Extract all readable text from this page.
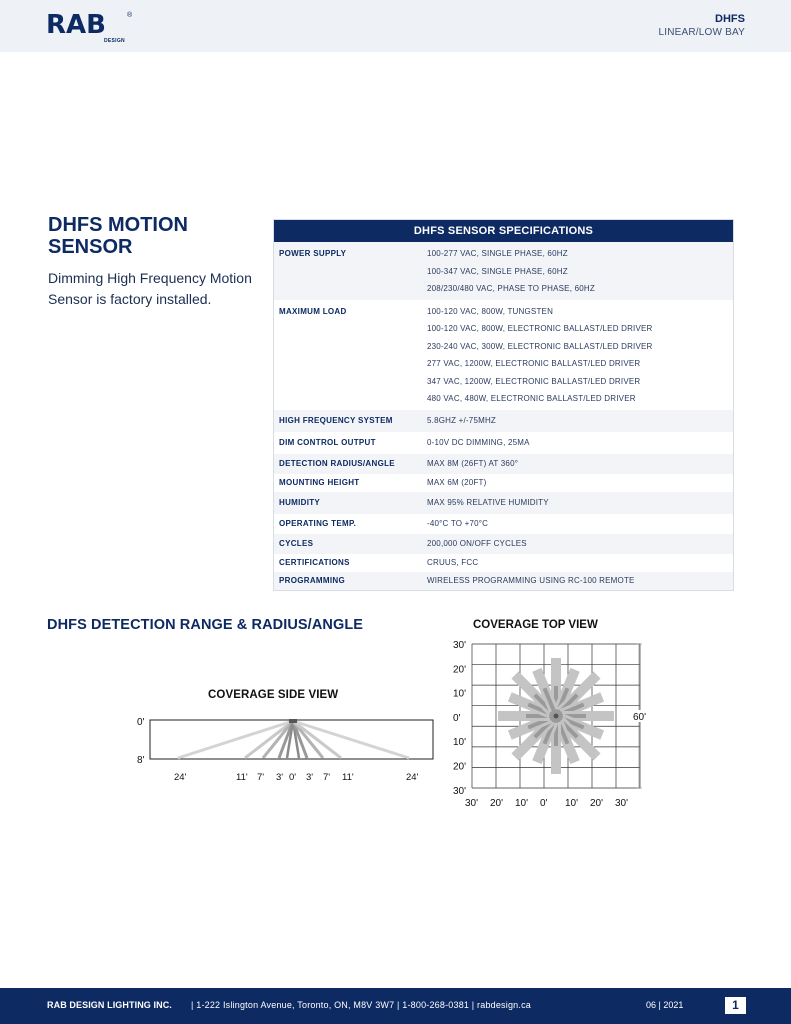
RAB	®
DESIGN
DHFS
LINEAR/LOW BAY
DHFS MOTION SENSOR
Dimming High Frequency Motion Sensor is factory installed.
DHFS SENSOR SPECIFICATIONS
POWER SUPPLY	100-277 VAC, SINGLE PHASE, 60HZ
100-347 VAC, SINGLE PHASE, 60HZ
208/230/480 VAC, PHASE TO PHASE, 60HZ
MAXIMUM LOAD	100-120 VAC, 800W, TUNGSTEN
100-120 VAC, 800W, ELECTRONIC BALLAST/LED DRIVER
230-240 VAC, 300W, ELECTRONIC BALLAST/LED DRIVER
277 VAC, 1200W, ELECTRONIC BALLAST/LED DRIVER
347 VAC, 1200W, ELECTRONIC BALLAST/LED DRIVER
480 VAC, 480W, ELECTRONIC BALLAST/LED DRIVER
HIGH FREQUENCY SYSTEM	5.8GHZ +/-75MHZ
DIM CONTROL OUTPUT	0-10V DC DIMMING, 25MA
DETECTION RADIUS/ANGLE	MAX 8M (26FT) AT 360°
MOUNTING HEIGHT	MAX 6M (20FT)
HUMIDITY	MAX 95% RELATIVE HUMIDITY
OPERATING TEMP.	-40°C TO +70°C
CYCLES	200,000 ON/OFF CYCLES
CERTIFICATIONS	CRUUS, FCC
PROGRAMMING	WIRELESS PROGRAMMING USING RC-100 REMOTE
DHFS DETECTION RANGE & RADIUS/ANGLE
COVERAGE SIDE VIEW
COVERAGE TOP VIEW
0'
8'
24'	11' 7' 3' 0' 3' 7' 11'	24'
30'
20'
10'
0'
10'
20'
30'
30' 20' 10' 0' 10' 20' 30'
60'
RAB DESIGN LIGHTING INC. | 1-222 Islington Avenue, Toronto, ON, M8V 3W7 | 1-800-268-0381 | rabdesign.ca	06 | 2021	1
